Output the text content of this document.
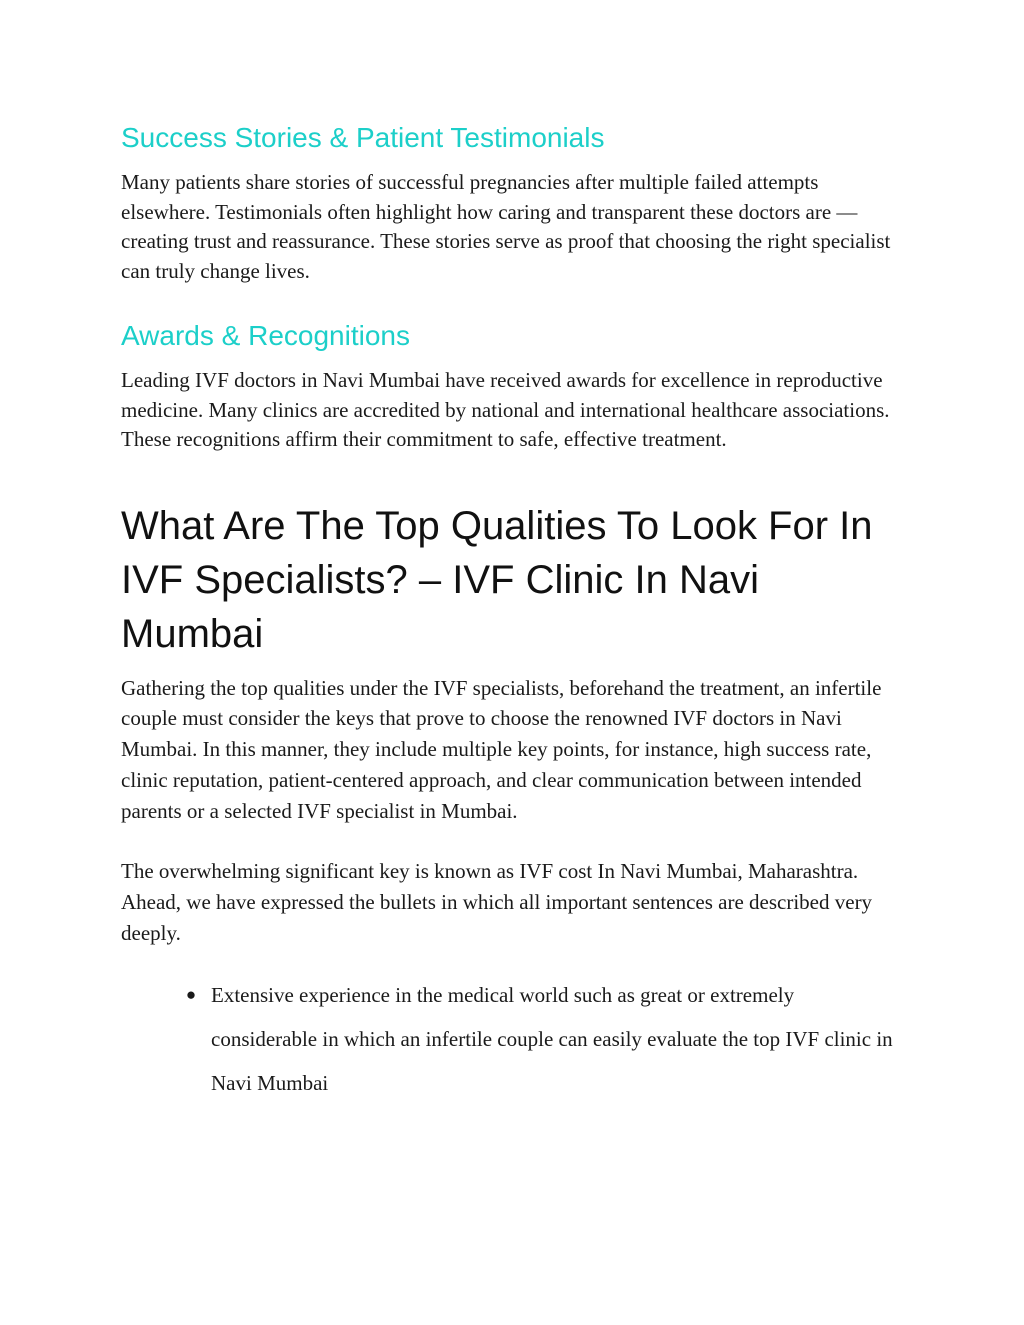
Success Stories & Patient Testimonials

Many patients share stories of successful pregnancies after multiple failed attempts elsewhere. Testimonials often highlight how caring and transparent these doctors are — creating trust and reassurance. These stories serve as proof that choosing the right specialist can truly change lives.

Awards & Recognitions

Leading IVF doctors in Navi Mumbai have received awards for excellence in reproductive medicine. Many clinics are accredited by national and international healthcare associations. These recognitions affirm their commitment to safe, effective treatment.

What Are The Top Qualities To Look For In IVF Specialists? – IVF Clinic In Navi Mumbai

Gathering the top qualities under the IVF specialists, beforehand the treatment, an infertile couple must consider the keys that prove to choose the renowned IVF doctors in Navi Mumbai. In this manner, they include multiple key points, for instance, high success rate, clinic reputation, patient-centered approach, and clear communication between intended parents or a selected IVF specialist in Mumbai.

The overwhelming significant key is known as IVF cost In Navi Mumbai, Maharashtra. Ahead, we have expressed the bullets in which all important sentences are described very deeply.

● Extensive experience in the medical world such as great or extremely considerable in which an infertile couple can easily evaluate the top IVF clinic in Navi Mumbai
